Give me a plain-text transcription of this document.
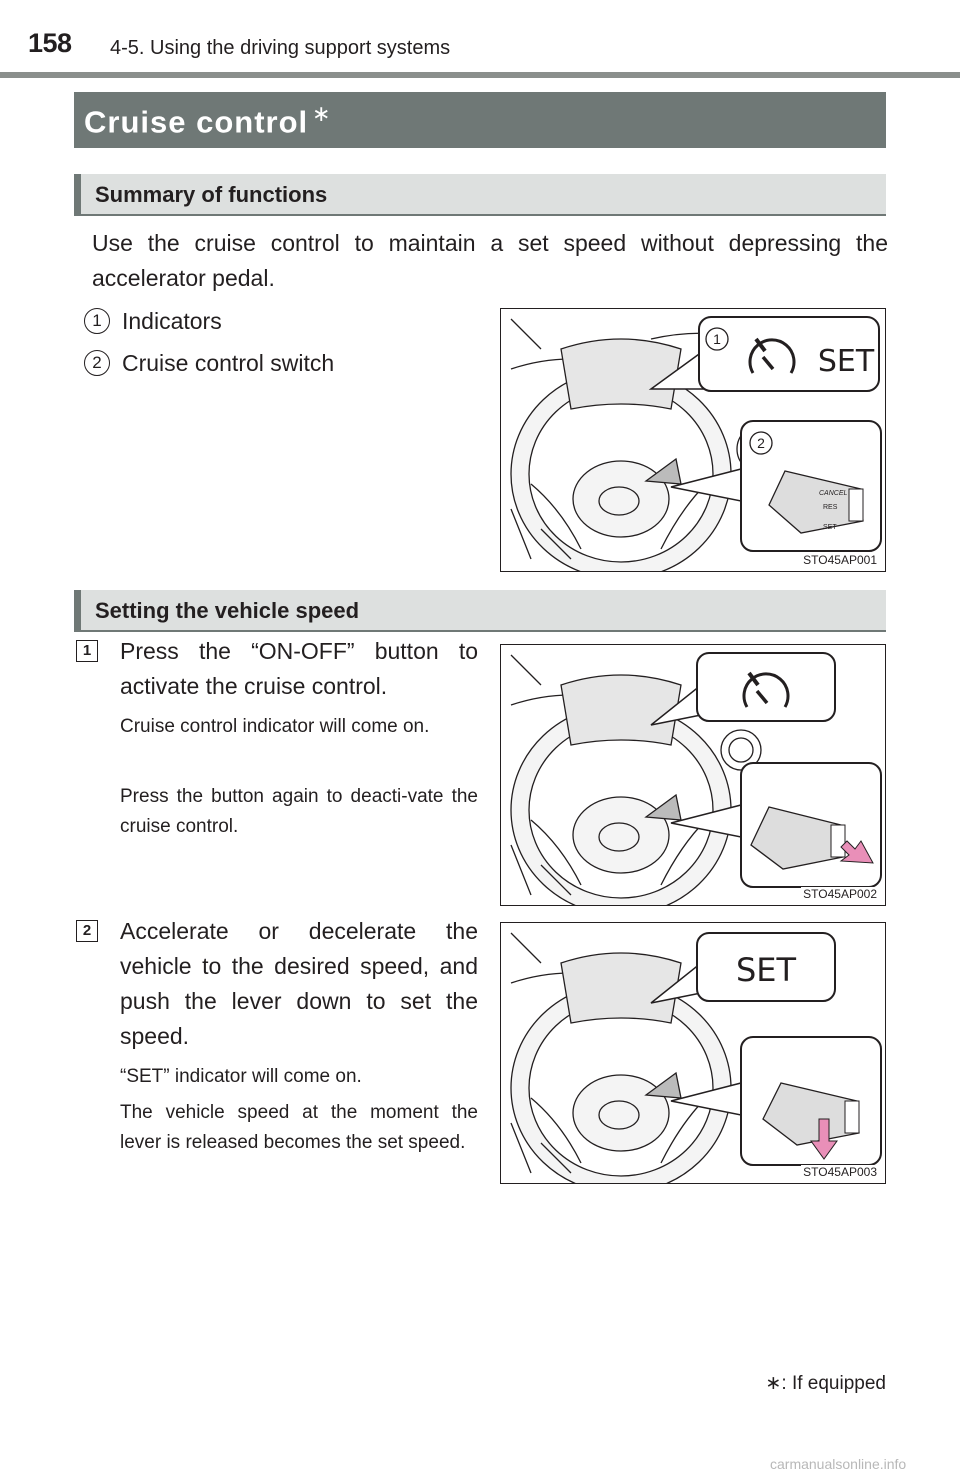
158 4-5. Using the driving support systems
Cruise control ∗
Summary of functions
Use the cruise control to maintain a set speed without depressing the accelerator pedal.
1 Indicators
2 Cruise control switch
1
SET
2
CANCEL
RES
SET
STO45AP001
Setting the vehicle speed
1 Press the “ON-OFF” button to activate the cruise control.
Cruise control indicator will come on.
Press the button again to deacti-vate the cruise control.
STO45AP002
2 Accelerate or decelerate the vehicle to the desired speed, and push the lever down to set the speed.
“SET” indicator will come on.
The vehicle speed at the moment the lever is released becomes the set speed.
SET
STO45AP003
∗: If equipped
carmanualsonline.info
